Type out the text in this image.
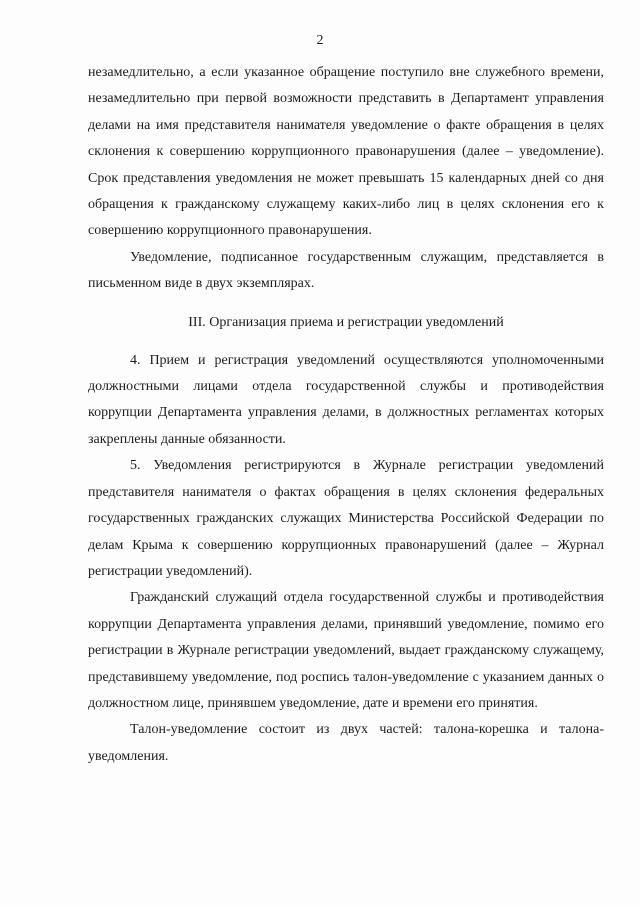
2

незамедлительно, а если указанное обращение поступило вне служебного времени, незамедлительно при первой возможности представить в Департамент управления делами на имя представителя нанимателя уведомление о факте обращения в целях склонения к совершению коррупционного правонарушения (далее – уведомление). Срок представления уведомления не может превышать 15 календарных дней со дня обращения к гражданскому служащему каких-либо лиц в целях склонения его к совершению коррупционного правонарушения.

Уведомление, подписанное государственным служащим, представляется в письменном виде в двух экземплярах.

III. Организация приема и регистрации уведомлений

4. Прием и регистрация уведомлений осуществляются уполномоченными должностными лицами отдела государственной службы и противодействия коррупции Департамента управления делами, в должностных регламентах которых закреплены данные обязанности.

5. Уведомления регистрируются в Журнале регистрации уведомлений представителя нанимателя о фактах обращения в целях склонения федеральных государственных гражданских служащих Министерства Российской Федерации по делам Крыма к совершению коррупционных правонарушений (далее – Журнал регистрации уведомлений).

Гражданский служащий отдела государственной службы и противодействия коррупции Департамента управления делами, принявший уведомление, помимо его регистрации в Журнале регистрации уведомлений, выдает гражданскому служащему, представившему уведомление, под роспись талон-уведомление с указанием данных о должностном лице, принявшем уведомление, дате и времени его принятия.

Талон-уведомление состоит из двух частей: талона-корешка и талона-уведомления.
